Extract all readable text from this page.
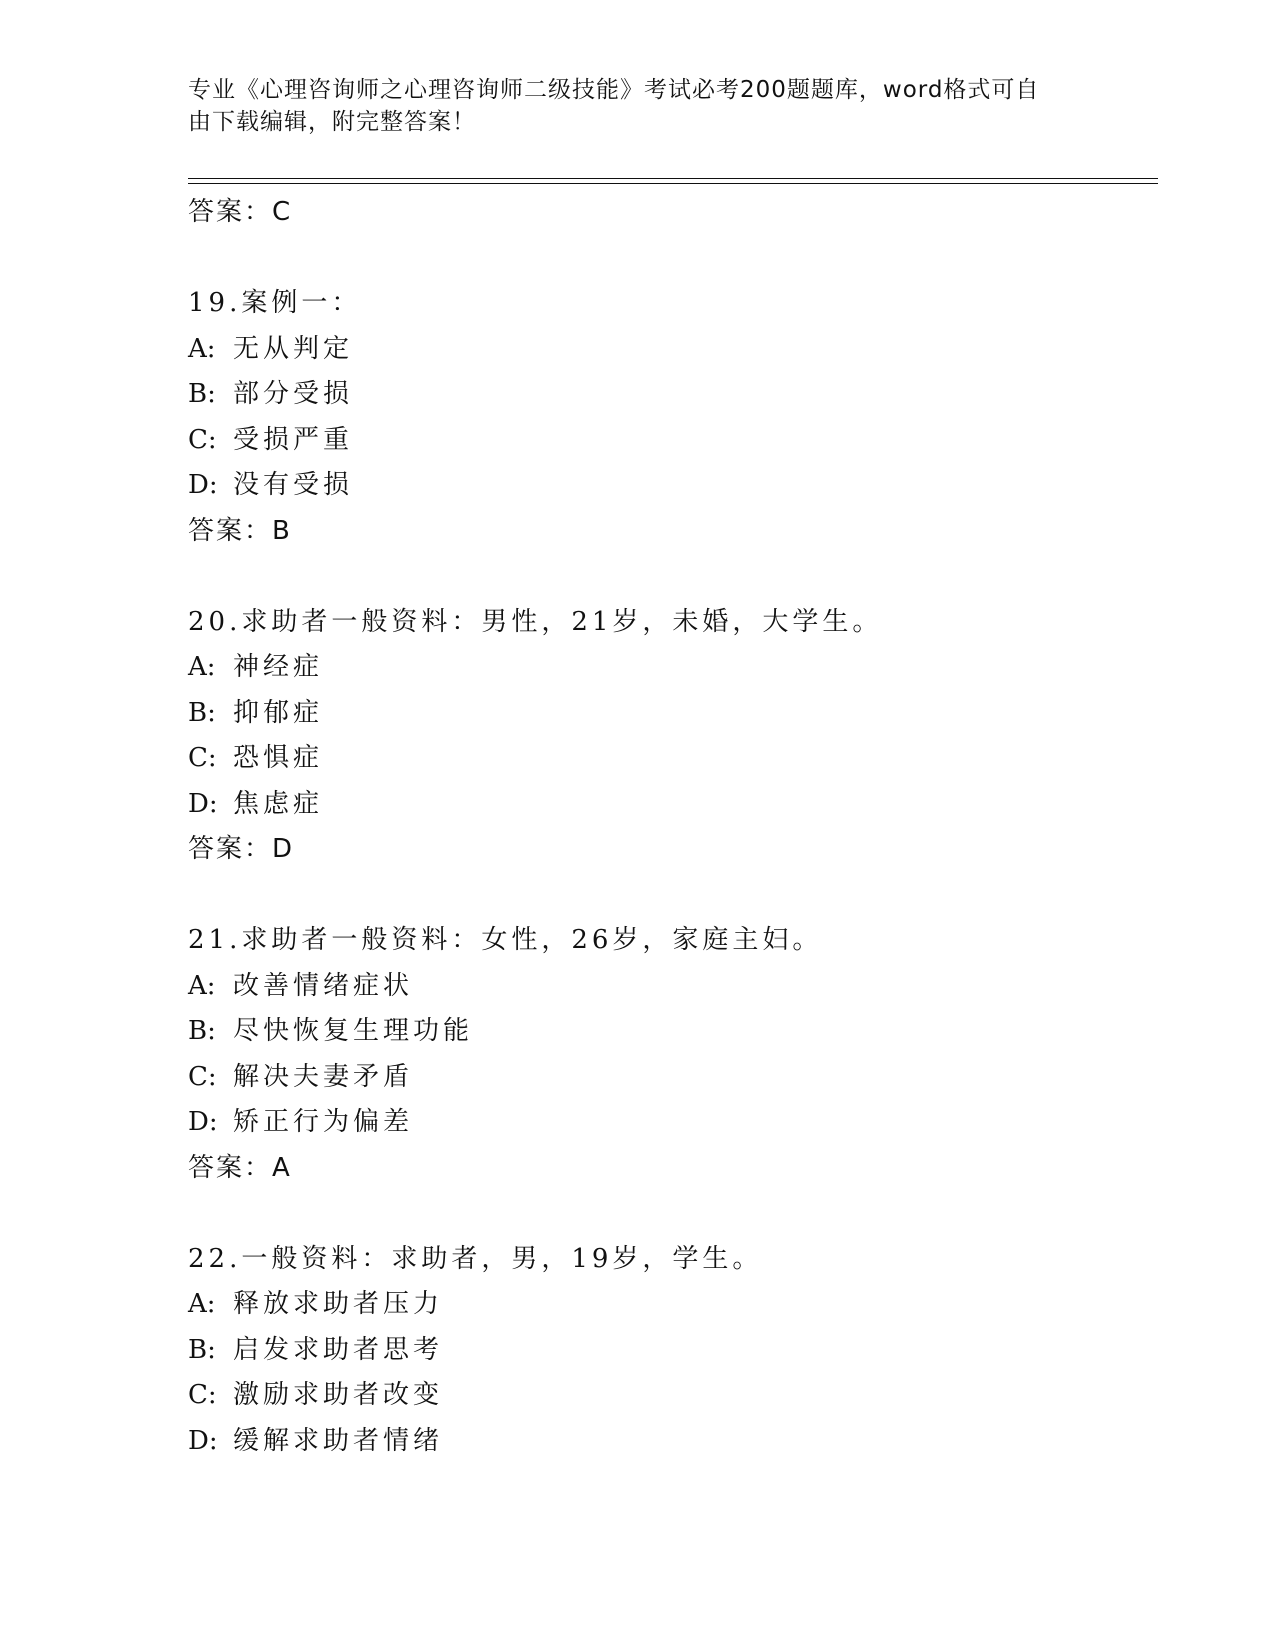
专业《心理咨询师之心理咨询师二级技能》考试必考200题题库，word格式可自
由下载编辑，附完整答案！
答案：C
19.案例一：
A: 无从判定
B: 部分受损
C: 受损严重
D: 没有受损
答案：B
20.求助者一般资料：男性，21岁，未婚，大学生。
A: 神经症
B: 抑郁症
C: 恐惧症
D: 焦虑症
答案：D
21.求助者一般资料：女性，26岁，家庭主妇。
A: 改善情绪症状
B: 尽快恢复生理功能
C: 解决夫妻矛盾
D: 矫正行为偏差
答案：A
22.一般资料：求助者，男，19岁，学生。
A: 释放求助者压力
B: 启发求助者思考
C: 激励求助者改变
D: 缓解求助者情绪
